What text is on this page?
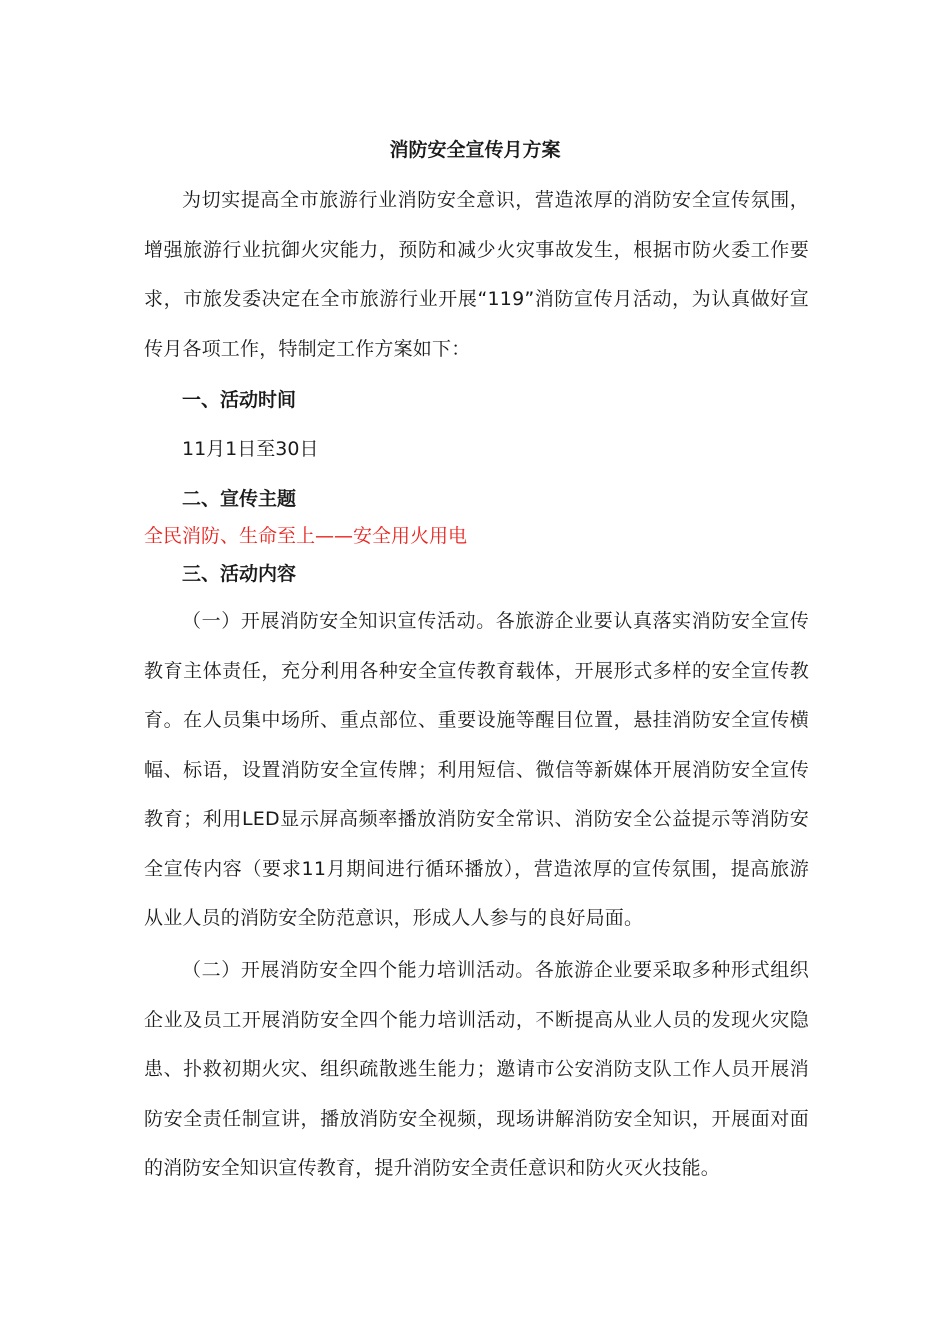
消防安全宣传月方案
为切实提高全市旅游行业消防安全意识，营造浓厚的消防安全宣传氛围，增强旅游行业抗御火灾能力，预防和减少火灾事故发生，根据市防火委工作要求，市旅发委决定在全市旅游行业开展“119”消防宣传月活动，为认真做好宣传月各项工作，特制定工作方案如下：
一、活动时间
11月1日至30日
二、宣传主题
全民消防、生命至上——安全用火用电
三、活动内容
（一）开展消防安全知识宣传活动。各旅游企业要认真落实消防安全宣传教育主体责任，充分利用各种安全宣传教育载体，开展形式多样的安全宣传教育。在人员集中场所、重点部位、重要设施等醒目位置，悬挂消防安全宣传横幅、标语，设置消防安全宣传牌；利用短信、微信等新媒体开展消防安全宣传教育；利用LED显示屏高频率播放消防安全常识、消防安全公益提示等消防安全宣传内容（要求11月期间进行循环播放），营造浓厚的宣传氛围，提高旅游从业人员的消防安全防范意识，形成人人参与的良好局面。
（二）开展消防安全四个能力培训活动。各旅游企业要采取多种形式组织企业及员工开展消防安全四个能力培训活动，不断提高从业人员的发现火灾隐患、扑救初期火灾、组织疏散逃生能力；邀请市公安消防支队工作人员开展消防安全责任制宣讲，播放消防安全视频，现场讲解消防安全知识，开展面对面的消防安全知识宣传教育，提升消防安全责任意识和防火灭火技能。
